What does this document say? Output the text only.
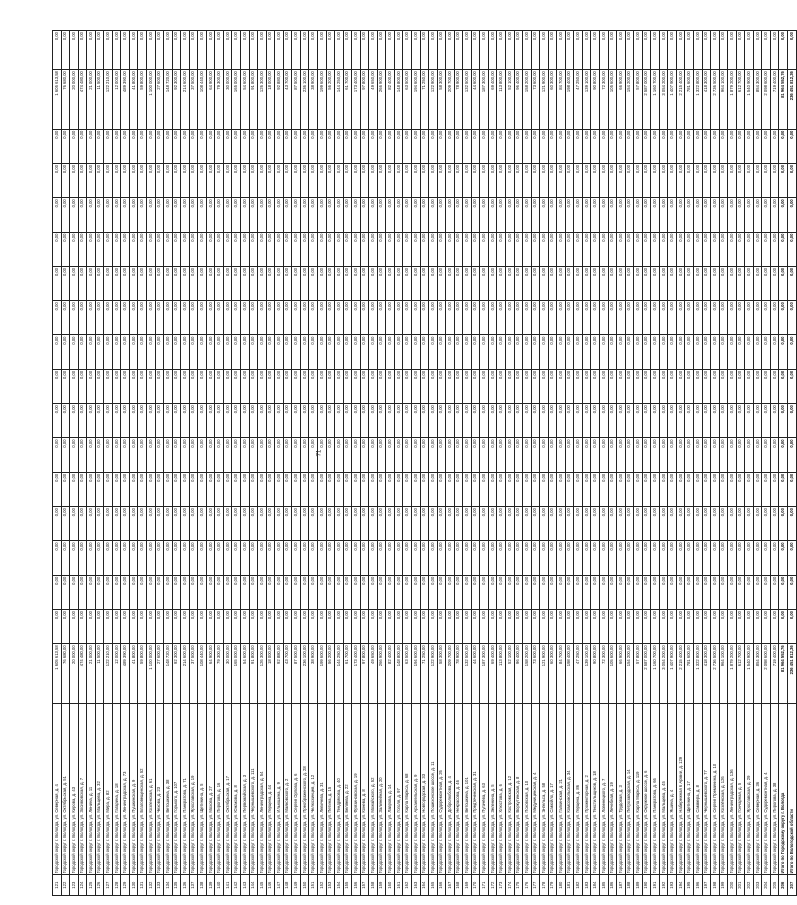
121	Городской округ г. Вологда, ул. Северная, д. 4	1 605 613,58	0,00	0,00	0,00	0,00	0,00	0,00	0,00	0,00	0,00	0,00	0,00	0,00	0,00	0,00	0,00	1 605 613,58	0,00
122	Городской округ г. Вологда, ул. Октябрьская, д. 51	76 680,00	0,00	0,00	0,00	0,00	0,00	0,00	0,00	0,00	0,00	0,00	0,00	0,00	0,00	0,00	0,00	76 680,00	0,00
123	Городской округ г. Вологда, ул. Кирова, д. 43	20 000,00	0,00	0,00	0,00	0,00	0,00	0,00	0,00	0,00	0,00	0,00	0,00	0,00	0,00	0,00	0,00	20 000,00	0,00
124	Городской округ г. Вологда, ул. Зосимовская, д. 7	474 480,00	0,00	0,00	0,00	0,00	0,00	0,00	0,00	0,00	0,00	0,00	0,00	0,00	0,00	0,00	0,00	474 480,00	0,00
125	Городской округ г. Вологда, ул. Ленина, д. 11	21 000,00	0,00	0,00	0,00	0,00	0,00	0,00	0,00	0,00	0,00	0,00	0,00	0,00	0,00	0,00	0,00	21 000,00	0,00
126	Городской округ г. Вологда, ул. Мальцева, д. 32	11 500,00	0,00	0,00	0,00	0,00	0,00	0,00	0,00	0,00	0,00	0,00	0,00	0,00	0,00	0,00	0,00	11 500,00	0,00
127	Городской округ г. Вологда, ул. Мира, д. 82	122 210,00	0,00	0,00	0,00	0,00	0,00	0,00	0,00	0,00	0,00	0,00	0,00	0,00	0,00	0,00	0,00	122 210,00	0,00
128	Городской округ г. Вологда, ул. Гагарина, д. 18	12 000,00	0,00	0,00	0,00	0,00	0,00	0,00	0,00	0,00	0,00	0,00	0,00	0,00	0,00	0,00	0,00	12 000,00	0,00
129	Городской округ г. Вологда, ул. Ленинградская, д. 73	489 390,00	0,00	0,00	0,00	0,00	0,00	0,00	0,00	0,00	0,00	0,00	0,00	0,00	0,00	0,00	0,00	489 390,00	0,00
130	Городской округ г. Вологда, ул. Пушкинская, д. 9	41 800,00	0,00	0,00	0,00	0,00	0,00	0,00	0,00	0,00	0,00	0,00	0,00	0,00	0,00	0,00	0,00	41 800,00	0,00
131	Городской округ г. Вологда, ул. Благовещенская, д. 52	59 800,00	0,00	0,00	0,00	0,00	0,00	0,00	0,00	0,00	0,00	0,00	0,00	0,00	0,00	0,00	0,00	59 800,00	0,00
132	Городской округ г. Вологда, ул. Козленская, д. 61	1 100 000,00	0,00	0,00	0,00	0,00	0,00	0,00	0,00	0,00	0,00	0,00	0,00	0,00	0,00	0,00	0,00	1 100 000,00	0,00
133	Городской округ г. Вологда, ул. Чехова, д. 23	27 600,00	0,00	0,00	0,00	0,00	0,00	0,00	0,00	0,00	0,00	0,00	0,00	0,00	0,00	0,00	0,00	27 600,00	0,00
134	Городской округ г. Вологда, ул. Ветошкина, д. 38	148 720,00	0,00	0,00	0,00	0,00	0,00	0,00	0,00	0,00	0,00	0,00	0,00	0,00	0,00	0,00	0,00	148 720,00	0,00
135	Городской округ г. Вологда, ул. Горького, д. 107	92 300,00	0,00	0,00	0,00	0,00	0,00	0,00	0,00	0,00	0,00	0,00	0,00	0,00	0,00	0,00	0,00	92 300,00	0,00
136	Городской округ г. Вологда, ул. Панкратова, д. 71	214 600,00	0,00	0,00	0,00	0,00	0,00	0,00	0,00	0,00	0,00	0,00	0,00	0,00	0,00	0,00	0,00	214 600,00	0,00
137	Городской округ г. Вологда, ул. Ярославская, д. 19	37 500,00	0,00	0,00	0,00	0,00	0,00	0,00	0,00	0,00	0,00	0,00	0,00	0,00	0,00	0,00	0,00	37 500,00	0,00
138	Городской округ г. Вологда, ул. Щетинина, д. 5	108 440,00	0,00	0,00	0,00	0,00	0,00	0,00	0,00	0,00	0,00	0,00	0,00	0,00	0,00	0,00	0,00	108 440,00	0,00
139	Городской округ г. Вологда, ул. Мохова, д. 27	64 900,00	0,00	0,00	0,00	0,00	0,00	0,00	0,00	0,00	0,00	0,00	0,00	0,00	0,00	0,00	0,00	64 900,00	0,00
140	Городской округ г. Вологда, ул. Пирогова, д. 16	79 300,00	0,00	0,00	0,00	0,00	0,00	0,00	0,00	0,00	0,00	0,00	0,00	0,00	0,00	0,00	0,00	79 300,00	0,00
141	Городской округ г. Вологда, ул. Октябрьская, д. 17	30 000,00	0,00	0,00	0,00	0,00	0,00	0,00	0,00	0,00	0,00	0,00	0,00	0,00	0,00	0,00	0,00	30 000,00	0,00
142	Городской округ г. Вологда, ул. Южакова, д. 8	165 000,00	0,00	0,00	0,00	0,00	0,00	0,00	0,00	0,00	0,00	0,00	0,00	0,00	0,00	0,00	0,00	165 000,00	0,00
143	Городской округ г. Вологда, ул. Первомайская, д. 3	54 600,00	0,00	0,00	0,00	0,00	0,00	0,00	0,00	0,00	0,00	0,00	0,00	0,00	0,00	0,00	0,00	54 600,00	0,00
144	Городской округ г. Вологда, ул. Чернышевского, д. 111	91 800,00	0,00	0,00	0,00	0,00	0,00	0,00	0,00	0,00	0,00	0,00	0,00	0,00	0,00	0,00	0,00	91 800,00	0,00
145	Городской округ г. Вологда, ул. Ленинградская, д. 54	126 300,00	0,00	0,00	0,00	0,00	0,00	0,00	0,00	0,00	0,00	0,00	0,00	0,00	0,00	0,00	0,00	126 300,00	0,00
146	Городской округ г. Вологда, ул. Герцена, д. 44	18 000,00	0,00	0,00	0,00	0,00	0,00	0,00	0,00	0,00	0,00	0,00	0,00	0,00	0,00	0,00	0,00	18 000,00	0,00
147	Городской округ г. Вологда, ул. Ильюшина, д. 9	92 880,00	0,00	0,00	0,00	0,00	0,00	0,00	0,00	0,00	0,00	0,00	0,00	0,00	0,00	0,00	0,00	92 880,00	0,00
148	Городской округ г. Вологда, ул. Маяковского, д. 2	43 700,00	0,00	0,00	0,00	0,00	0,00	0,00	0,00	0,00	0,00	0,00	0,00	0,00	0,00	0,00	0,00	43 700,00	0,00
149	Городской округ г. Вологда, ул. Сергея Орлова, д. 6	87 500,00	0,00	0,00	0,00	0,00	0,00	0,00	0,00	0,00	0,00	0,00	0,00	0,00	0,00	0,00	0,00	87 500,00	0,00
150	Городской округ г. Вологда, ул. Преображенского, д. 28	236 100,00	0,00	0,00	0,00	0,00	0,00	0,00	0,00	0,00	0,00	0,00	0,00	0,00	0,00	0,00	0,00	236 100,00	0,00
151	Городской округ г. Вологда, ул. Челюскинцев, д. 12	38 900,00	0,00	0,00	0,00	0,00	0,00	0,00	0,00	0,00	0,00	0,00	0,00	0,00	0,00	0,00	0,00	38 900,00	0,00
152	Городской округ г. Вологда, ул. Левичева, д. 31	199 600,00	0,00	0,00	0,00	0,00	0,00	0,00	0,00	0,00	0,00	0,00	0,00	0,00	0,00	0,00	0,00	199 600,00	0,00
153	Городской округ г. Вологда, ул. Петина, д. 15	56 200,00	0,00	0,00	0,00	0,00	0,00	0,00	0,00	0,00	0,00	0,00	0,00	0,00	0,00	0,00	0,00	56 200,00	0,00
154	Городской округ г. Вологда, ул. Тендрякова, д. 40	144 250,00	0,00	0,00	0,00	0,00	0,00	0,00	0,00	0,00	0,00	0,00	0,00	0,00	0,00	0,00	0,00	144 250,00	0,00
155	Городской округ г. Вологда, ул. Беляева, д. 22	61 700,00	0,00	0,00	0,00	0,00	0,00	0,00	0,00	0,00	0,00	0,00	0,00	0,00	0,00	0,00	0,00	61 700,00	0,00
156	Городской округ г. Вологда, ул. Фрязиновская, д. 19	173 400,00	0,00	0,00	0,00	0,00	0,00	0,00	0,00	0,00	0,00	0,00	0,00	0,00	0,00	0,00	0,00	173 400,00	0,00
157	Городской округ г. Вологда, ул. Конева, д. 8	97 800,00	0,00	0,00	0,00	0,00	0,00	0,00	0,00	0,00	0,00	0,00	0,00	0,00	0,00	0,00	0,00	97 800,00	0,00
158	Городской округ г. Вологда, ул. Можайского, д. 52	49 650,00	0,00	0,00	0,00	0,00	0,00	0,00	0,00	0,00	0,00	0,00	0,00	0,00	0,00	0,00	0,00	49 650,00	0,00
159	Городской округ г. Вологда, ул. Залинейная, д. 20	266 900,00	0,00	0,00	0,00	0,00	0,00	0,00	0,00	0,00	0,00	0,00	0,00	0,00	0,00	0,00	0,00	266 900,00	0,00
160	Городской округ г. Вологда, ул. Лаврова, д. 14	82 400,00	0,00	0,00	0,00	0,00	0,00	0,00	0,00	0,00	0,00	0,00	0,00	0,00	0,00	0,00	0,00	82 400,00	0,00
161	Городской округ г. Вологда, ул. Гоголя, д. 97	148 800,00	0,00	0,00	0,00	0,00	0,00	0,00	0,00	0,00	0,00	0,00	0,00	0,00	0,00	0,00	0,00	148 800,00	0,00
162	Городской округ г. Вологда, ул. Карла Маркса, д. 68	63 500,00	0,00	0,00	0,00	0,00	0,00	0,00	0,00	0,00	0,00	0,00	0,00	0,00	0,00	0,00	0,00	63 500,00	0,00
163	Городской округ г. Вологда, ул. Архангельская, д. 9	194 600,00	0,00	0,00	0,00	0,00	0,00	0,00	0,00	0,00	0,00	0,00	0,00	0,00	0,00	0,00	0,00	194 600,00	0,00
164	Городской округ г. Вологда, ул. Новгородская, д. 33	71 250,00	0,00	0,00	0,00	0,00	0,00	0,00	0,00	0,00	0,00	0,00	0,00	0,00	0,00	0,00	0,00	71 250,00	0,00
165	Городской округ г. Вологда, ул. Пошехонское шоссе, д. 11	122 900,00	0,00	0,00	0,00	0,00	0,00	0,00	0,00	0,00	0,00	0,00	0,00	0,00	0,00	0,00	0,00	122 900,00	0,00
166	Городской округ г. Вологда, ул. Судоремонтная, д. 26	58 300,00	0,00	0,00	0,00	0,00	0,00	0,00	0,00	0,00	0,00	0,00	0,00	0,00	0,00	0,00	0,00	58 300,00	0,00
167	Городской округ г. Вологда, ул. Добролюбова, д. 4	209 700,00	0,00	0,00	0,00	0,00	0,00	0,00	0,00	0,00	0,00	0,00	0,00	0,00	0,00	0,00	0,00	209 700,00	0,00
168	Городской округ г. Вологда, ул. Некрасова, д. 46	78 900,00	0,00	0,00	0,00	0,00	0,00	0,00	0,00	0,00	0,00	0,00	0,00	0,00	0,00	0,00	0,00	78 900,00	0,00
169	Городской округ г. Вологда, ул. Ветошкина, д. 101	132 500,00	0,00	0,00	0,00	0,00	0,00	0,00	0,00	0,00	0,00	0,00	0,00	0,00	0,00	0,00	0,00	132 500,00	0,00
170	Городской округ г. Вологда, ул. Предтеченская, д. 31	44 600,00	0,00	0,00	0,00	0,00	0,00	0,00	0,00	0,00	0,00	0,00	0,00	0,00	0,00	0,00	0,00	44 600,00	0,00
171	Городской округ г. Вологда, ул. Пугачёва, д. 63	187 300,00	0,00	0,00	0,00	0,00	0,00	0,00	0,00	0,00	0,00	0,00	0,00	0,00	0,00	0,00	0,00	187 300,00	0,00
172	Городской округ г. Вологда, ул. Зеленина, д. 5	69 400,00	0,00	0,00	0,00	0,00	0,00	0,00	0,00	0,00	0,00	0,00	0,00	0,00	0,00	0,00	0,00	69 400,00	0,00
173	Городской округ г. Вологда, ул. Хлюстова, д. 6	113 800,00	0,00	0,00	0,00	0,00	0,00	0,00	0,00	0,00	0,00	0,00	0,00	0,00	0,00	0,00	0,00	113 800,00	0,00
174	Городской округ г. Вологда, ул. Костромская, д. 12	52 100,00	0,00	0,00	0,00	0,00	0,00	0,00	0,00	0,00	0,00	0,00	0,00	0,00	0,00	0,00	0,00	52 100,00	0,00
175	Городской округ г. Вологда, ул. Воркутинская, д. 8	96 400,00	0,00	0,00	0,00	0,00	0,00	0,00	0,00	0,00	0,00	0,00	0,00	0,00	0,00	0,00	0,00	96 400,00	0,00
176	Городской округ г. Вологда, ул. Псковская, д. 10	158 200,00	0,00	0,00	0,00	0,00	0,00	0,00	0,00	0,00	0,00	0,00	0,00	0,00	0,00	0,00	0,00	158 200,00	0,00
177	Городской округ г. Вологда, ул. Медуницинская, д. 4	73 600,00	0,00	0,00	0,00	0,00	0,00	0,00	0,00	0,00	0,00	0,00	0,00	0,00	0,00	0,00	0,00	73 600,00	0,00
178	Городской округ г. Вологда, ул. Энгельса, д. 58	121 900,00	0,00	0,00	0,00	0,00	0,00	0,00	0,00	0,00	0,00	0,00	0,00	0,00	0,00	0,00	0,00	121 900,00	0,00
179	Городской округ г. Вологда, ул. Самойло, д. 17	60 300,00	0,00	0,00	0,00	0,00	0,00	0,00	0,00	0,00	0,00	0,00	0,00	0,00	0,00	0,00	0,00	60 300,00	0,00
180	Городской округ г. Вологда, ул. Галкинская, д. 21	84 700,00	0,00	0,00	0,00	0,00	0,00	0,00	0,00	0,00	0,00	0,00	0,00	0,00	0,00	0,00	0,00	84 700,00	0,00
181	Городской округ г. Вологда, ул. Комсомольская, д. 34	198 400,00	0,00	0,00	0,00	0,00	0,00	0,00	0,00	0,00	0,00	0,00	0,00	0,00	0,00	0,00	0,00	198 400,00	0,00
182	Городской округ г. Вологда, ул. Герцена, д. 86	47 250,00	0,00	0,00	0,00	0,00	0,00	0,00	0,00	0,00	0,00	0,00	0,00	0,00	0,00	0,00	0,00	47 250,00	0,00
183	Городской округ г. Вологда, ул. Прожекторная, д. 2	139 100,00	0,00	0,00	0,00	0,00	0,00	0,00	0,00	0,00	0,00	0,00	0,00	0,00	0,00	0,00	0,00	139 100,00	0,00
184	Городской округ г. Вологда, ул. Текстильщиков, д. 18	90 800,00	0,00	0,00	0,00	0,00	0,00	0,00	0,00	0,00	0,00	0,00	0,00	0,00	0,00	0,00	0,00	90 800,00	0,00
185	Городской округ г. Вологда, ул. Ловенецкого, д. 7	72 300,00	0,00	0,00	0,00	0,00	0,00	0,00	0,00	0,00	0,00	0,00	0,00	0,00	0,00	0,00	0,00	72 300,00	0,00
186	Городской округ г. Вологда, ул. Лечебная, д. 19	105 600,00	0,00	0,00	0,00	0,00	0,00	0,00	0,00	0,00	0,00	0,00	0,00	0,00	0,00	0,00	0,00	105 600,00	0,00
187	Городской округ г. Вологда, ул. Трудовая, д. 3	66 900,00	0,00	0,00	0,00	0,00	0,00	0,00	0,00	0,00	0,00	0,00	0,00	0,00	0,00	0,00	0,00	66 900,00	0,00
188	Городской округ г. Вологда, ул. Петрозаводская, д. 14	154 200,00	0,00	0,00	0,00	0,00	0,00	0,00	0,00	0,00	0,00	0,00	0,00	0,00	0,00	0,00	0,00	154 200,00	0,00
189	Городской округ г. Вологда, ул. Карла Маркса, д. 119	57 800,00	0,00	0,00	0,00	0,00	0,00	0,00	0,00	0,00	0,00	0,00	0,00	0,00	0,00	0,00	0,00	57 800,00	0,00
190	Городской округ г. Вологда, ул. Окружное шоссе, д. 6	2 587 000,00	0,00	0,00	0,00	0,00	0,00	0,00	0,00	0,00	0,00	0,00	0,00	0,00	0,00	0,00	0,00	2 587 000,00	0,00
191	Городской округ г. Вологда, ул. Панкратова, д. 66	1 160 700,00	0,00	0,00	0,00	0,00	0,00	0,00	0,00	0,00	0,00	0,00	0,00	0,00	0,00	0,00	0,00	1 160 700,00	0,00
192	Городской округ г. Вологда, ул. Мальцева, д. 45	3 054 200,00	0,00	0,00	0,00	0,00	0,00	0,00	0,00	0,00	0,00	0,00	0,00	0,00	0,00	0,00	0,00	3 054 200,00	0,00
193	Городской округ г. Вологда, ул. Яшина, д. 4	1 407 900,00	0,00	0,00	0,00	0,00	0,00	0,00	0,00	0,00	0,00	0,00	0,00	0,00	0,00	0,00	0,00	1 407 900,00	0,00
194	Городской округ г. Вологда, ул. Набережная 6 Армии, д. 129	2 215 400,00	0,00	0,00	0,00	0,00	0,00	0,00	0,00	0,00	0,00	0,00	0,00	0,00	0,00	0,00	0,00	2 215 400,00	0,00
195	Городской округ г. Вологда, ул. Щетинина, д. 17	781 600,00	0,00	0,00	0,00	0,00	0,00	0,00	0,00	0,00	0,00	0,00	0,00	0,00	0,00	0,00	0,00	781 600,00	0,00
196	Городской округ г. Вологда, ул. Саммера, д. 8	1 322 800,00	0,00	0,00	0,00	0,00	0,00	0,00	0,00	0,00	0,00	0,00	0,00	0,00	0,00	0,00	0,00	1 322 800,00	0,00
197	Городской округ г. Вологда, ул. Чернышевского, д. 77	418 300,00	0,00	0,00	0,00	0,00	0,00	0,00	0,00	0,00	0,00	0,00	0,00	0,00	0,00	0,00	0,00	418 300,00	0,00
198	Городской округ г. Вологда, ул. Сергея Преминина, д. 10	2 736 500,00	0,00	0,00	0,00	0,00	0,00	0,00	0,00	0,00	0,00	0,00	0,00	0,00	0,00	0,00	0,00	2 736 500,00	0,00
199	Городской округ г. Вологда, ул. Козлёнская, д. 126	964 100,00	0,00	0,00	0,00	0,00	0,00	0,00	0,00	0,00	0,00	0,00	0,00	0,00	0,00	0,00	0,00	964 100,00	0,00
200	Городской округ г. Вологда, ул. Ленинградская, д. 136	1 879 200,00	0,00	0,00	0,00	0,00	0,00	0,00	0,00	0,00	0,00	0,00	0,00	0,00	0,00	0,00	0,00	1 879 200,00	0,00
201	Городской округ г. Вологда, ул. Гончарная, д. 5	612 700,00	0,00	0,00	0,00	0,00	0,00	0,00	0,00	0,00	0,00	0,00	0,00	0,00	0,00	0,00	0,00	612 700,00	0,00
202	Городской округ г. Вологда, ул. Ярославская, д. 29	1 540 900,00	0,00	0,00	0,00	0,00	0,00	0,00	0,00	0,00	0,00	0,00	0,00	0,00	0,00	0,00	0,00	1 540 900,00	0,00
203	Городской округ г. Вологда, ул. Северная, д. 36	854 300,00	0,00	0,00	0,00	0,00	0,00	0,00	0,00	0,00	0,00	0,00	0,00	0,00	0,00	0,00	0,00	854 300,00	0,00
204	Городской округ г. Вологда, ул. Судоремонтная, д. 4	2 098 600,00	0,00	0,00	0,00	0,00	0,00	0,00	0,00	0,00	0,00	0,00	0,00	0,00	0,00	0,00	0,00	2 098 600,00	0,00
205	Городской округ г. Вологда, ул. Пирогова, д. 38	719 400,00	0,00	0,00	0,00	0,00	0,00	0,00	0,00	0,00	0,00	0,00	0,00	0,00	0,00	0,00	0,00	719 400,00	0,00
206	Итого по Городскому округу г. Вологда	81 964 552,76	0,00	0,00	0,00	0,00	0,00	0,00	0,00	0,00	0,00	0,00	0,00	0,00	0,00	0,00	0,00	81 964 552,76	0,00
207	Итого по Вологодской области	236 451 812,36	0,00	0,00	0,00	0,00	0,00	0,00	0,00	0,00	0,00	0,00	0,00	0,00	0,00	0,00	0,00	236 451 812,36	0,00
71
